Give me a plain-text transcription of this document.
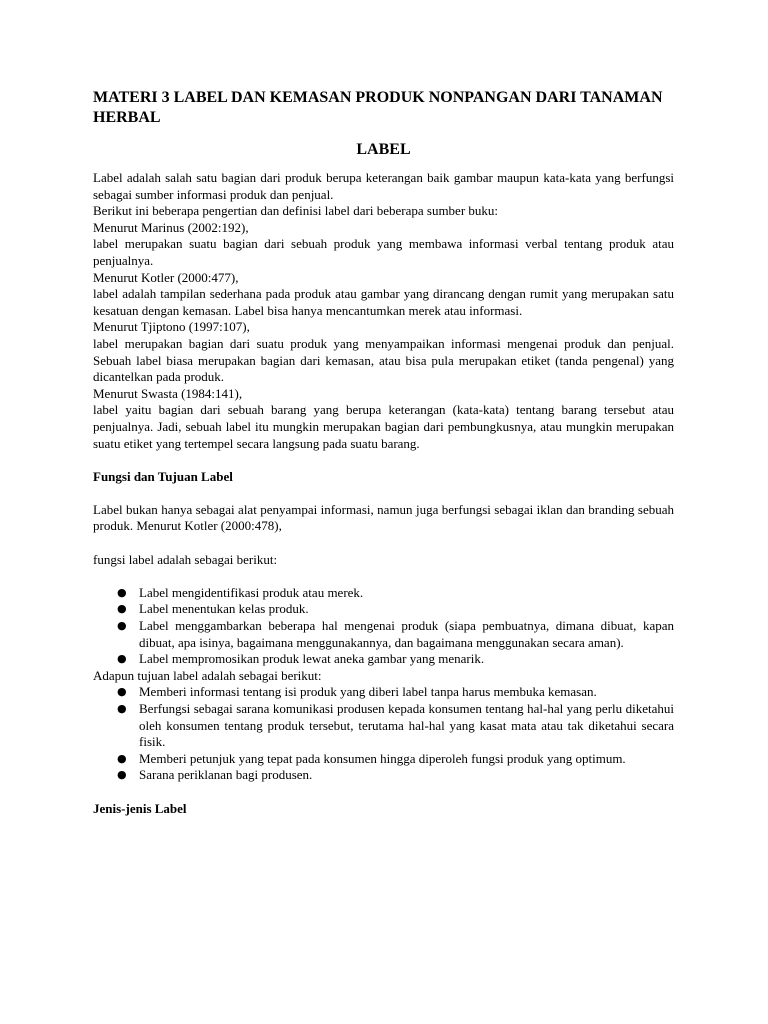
MATERI 3 LABEL DAN KEMASAN PRODUK NONPANGAN DARI TANAMAN HERBAL
LABEL

Label adalah salah satu bagian dari produk berupa keterangan baik gambar maupun kata-kata yang berfungsi sebagai sumber informasi produk dan penjual.

Berikut ini beberapa pengertian dan definisi label dari beberapa sumber buku:

Menurut Marinus (2002:192),

label merupakan suatu bagian dari sebuah produk yang membawa informasi verbal tentang produk atau penjualnya.

Menurut Kotler (2000:477),

label adalah tampilan sederhana pada produk atau gambar yang dirancang dengan rumit yang merupakan satu kesatuan dengan kemasan. Label bisa hanya mencantumkan merek atau informasi.

Menurut Tjiptono (1997:107),

label merupakan bagian dari suatu produk yang menyampaikan informasi mengenai produk dan penjual. Sebuah label biasa merupakan bagian dari kemasan, atau bisa pula merupakan etiket (tanda pengenal) yang dicantelkan pada produk.

Menurut Swasta (1984:141),

label yaitu bagian dari sebuah barang yang berupa keterangan (kata-kata) tentang barang tersebut atau penjualnya. Jadi, sebuah label itu mungkin merupakan bagian dari pembungkusnya, atau mungkin merupakan suatu etiket yang tertempel secara langsung pada suatu barang.

Fungsi dan Tujuan Label

Label bukan hanya sebagai alat penyampai informasi, namun juga berfungsi sebagai iklan dan branding sebuah produk. Menurut Kotler (2000:478),

fungsi label adalah sebagai berikut:

● Label mengidentifikasi produk atau merek.
● Label menentukan kelas produk.
● Label menggambarkan beberapa hal mengenai produk (siapa pembuatnya, dimana dibuat, kapan dibuat, apa isinya, bagaimana menggunakannya, dan bagaimana menggunakan secara aman).
● Label mempromosikan produk lewat aneka gambar yang menarik.

Adapun tujuan label adalah sebagai berikut:

● Memberi informasi tentang isi produk yang diberi label tanpa harus membuka kemasan.
● Berfungsi sebagai sarana komunikasi produsen kepada konsumen tentang hal-hal yang perlu diketahui oleh konsumen tentang produk tersebut, terutama hal-hal yang kasat mata atau tak diketahui secara fisik.
● Memberi petunjuk yang tepat pada konsumen hingga diperoleh fungsi produk yang optimum.
● Sarana periklanan bagi produsen.

Jenis-jenis Label
